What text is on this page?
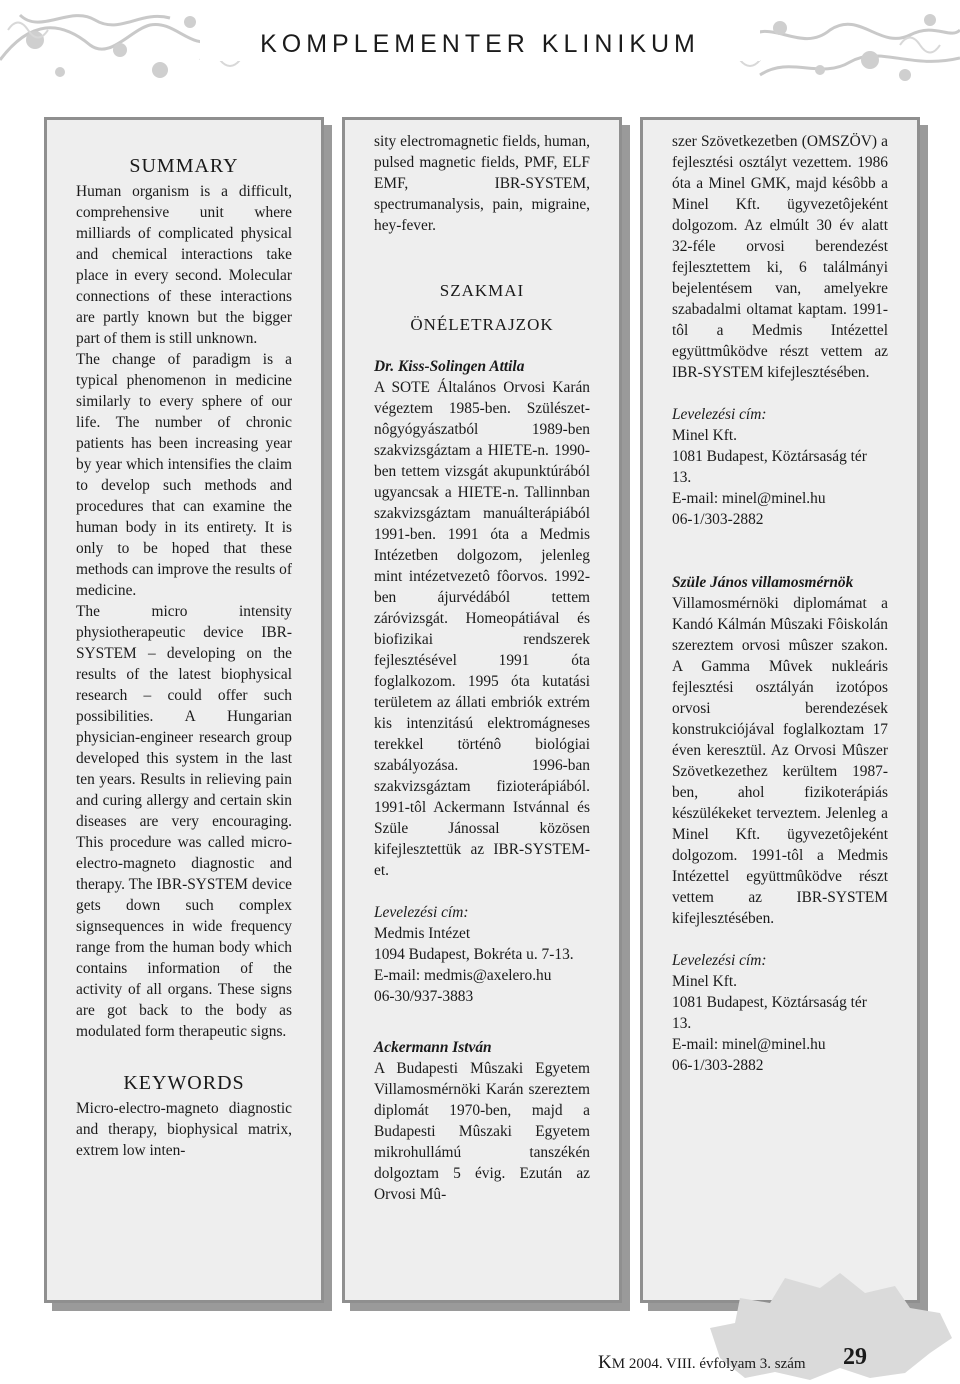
KOMPLEMENTER KLINIKUM
SUMMARY

Human organism is a difficult, comprehensive unit where milliards of complicated physical and chemical interactions take place in every second. Molecular connections of these interactions are partly known but the bigger part of them is still unknown.

The change of paradigm is a typical phenomenon in medicine similarly to every sphere of our life. The number of chronic patients has been increasing year by year which intensifies the claim to develop such methods and procedures that can examine the human body in its entirety. It is only to be hoped that these methods can improve the results of medicine.

The micro intensity physiotherapeutic device IBR-SYSTEM – developing on the results of the latest biophysical research – could offer such possibilities. A Hungarian physician-engineer research group developed this system in the last ten years. Results in relieving pain and curing allergy and certain skin diseases are very encouraging. This procedure was called micro-electro-magneto diagnostic and therapy. The IBR-SYSTEM device gets down such complex signsequences in wide frequency range from the human body which contains information of the activity of all organs. These signs are got back to the body as modulated form therapeutic signs.

KEYWORDS

Micro-electro-magneto diagnostic and therapy, biophysical matrix, extrem low inten-

sity electromagnetic fields, human, pulsed magnetic fields, PMF, ELF EMF, IBR-SYSTEM, spectrumanalysis, pain, migraine, hey-fever.

SZAKMAI
ÖNÉLETRAJZOK

Dr. Kiss-Solingen Attila

A SOTE Általános Orvosi Karán végeztem 1985-ben. Szülészet-nôgyógyászatból 1989-ben szakvizsgáztam a HIETE-n. 1990-ben tettem vizsgát akupunktúrából ugyancsak a HIETE-n. Tallinnban szakvizsgáztam manuálterápiából 1991-ben. 1991 óta a Medmis Intézetben dolgozom, jelenleg mint intézetvezetô fôorvos. 1992-ben ájurvédából tettem záróvizsgát. Homeopátiával és biofizikai rendszerek fejlesztésével 1991 óta foglalkozom. 1995 óta kutatási területem az állati embriók extrém kis intenzitású elektromágneses terekkel történô biológiai szabályozása. 1996-ban szakvizsgáztam fizioterápiából. 1991-tôl Ackermann Istvánnal és Szüle Jánossal közösen kifejlesztettük az IBR-SYSTEM-et.

Levelezési cím:

Medmis Intézet

1094 Budapest, Bokréta u. 7-13.

E-mail: medmis@axelero.hu

06-30/937-3883

Ackermann István

A Budapesti Mûszaki Egyetem Villamosmérnöki Karán szereztem diplomát 1970-ben, majd a Budapesti Mûszaki Egyetem mikrohullámú tanszékén dolgoztam 5 évig. Ezután az Orvosi Mû-

szer Szövetkezetben (OMSZÖV) a fejlesztési osztályt vezettem. 1986 óta a Minel GMK, majd késôbb a Minel Kft. ügyvezetôjeként dolgozom. Az elmúlt 30 év alatt 32-féle orvosi berendezést fejlesztettem ki, 6 találmányi bejelentésem van, amelyekre szabadalmi oltamat kaptam. 1991-tôl a Medmis Intézettel együttmûködve részt vettem az IBR-SYSTEM kifejlesztésében.

Levelezési cím:

Minel Kft.

1081 Budapest, Köztársaság tér 13.

E-mail: minel@minel.hu

06-1/303-2882

Szüle János villamosmérnök

Villamosmérnöki diplomámat a Kandó Kálmán Mûszaki Fôiskolán szereztem orvosi mûszer szakon. A Gamma Mûvek nukleáris fejlesztési osztályán izotópos orvosi berendezések konstrukciójával foglalkoztam 17 éven keresztül. Az Orvosi Mûszer Szövetkezethez kerültem 1987-ben, ahol fizikoterápiás készülékeket terveztem. Jelenleg a Minel Kft. ügyvezetôjeként dolgozom. 1991-tôl a Medmis Intézettel együttmûködve részt vettem az IBR-SYSTEM kifejlesztésében.

Levelezési cím:

Minel Kft.

1081 Budapest, Köztársaság tér 13.

E-mail: minel@minel.hu

06-1/303-2882

KM 2004. VIII. évfolyam 3. szám 29
